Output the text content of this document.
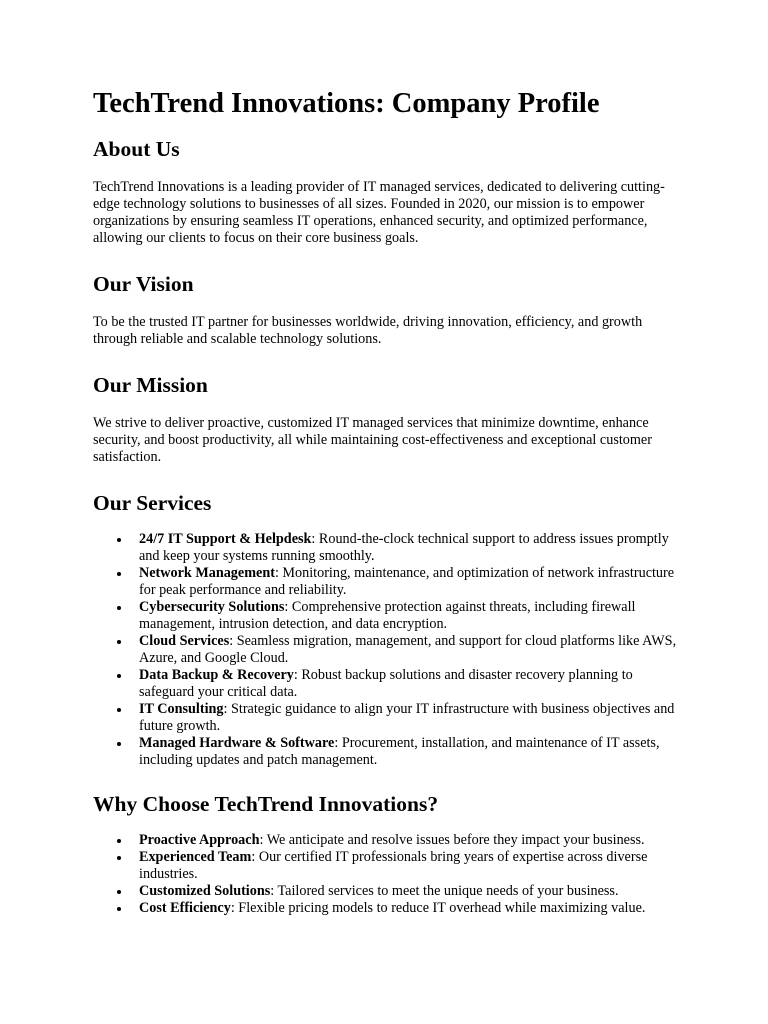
TechTrend Innovations: Company Profile
About Us

TechTrend Innovations is a leading provider of IT managed services, dedicated to delivering cutting-edge technology solutions to businesses of all sizes. Founded in 2020, our mission is to empower organizations by ensuring seamless IT operations, enhanced security, and optimized performance, allowing our clients to focus on their core business goals.

Our Vision

To be the trusted IT partner for businesses worldwide, driving innovation, efficiency, and growth through reliable and scalable technology solutions.

Our Mission

We strive to deliver proactive, customized IT managed services that minimize downtime, enhance security, and boost productivity, all while maintaining cost-effectiveness and exceptional customer satisfaction.

Our Services
24/7 IT Support & Helpdesk: Round-the-clock technical support to address issues promptly and keep your systems running smoothly.
Network Management: Monitoring, maintenance, and optimization of network infrastructure for peak performance and reliability.
Cybersecurity Solutions: Comprehensive protection against threats, including firewall management, intrusion detection, and data encryption.
Cloud Services: Seamless migration, management, and support for cloud platforms like AWS, Azure, and Google Cloud.
Data Backup & Recovery: Robust backup solutions and disaster recovery planning to safeguard your critical data.
IT Consulting: Strategic guidance to align your IT infrastructure with business objectives and future growth.
Managed Hardware & Software: Procurement, installation, and maintenance of IT assets, including updates and patch management.
Why Choose TechTrend Innovations?
Proactive Approach: We anticipate and resolve issues before they impact your business.
Experienced Team: Our certified IT professionals bring years of expertise across diverse industries.
Customized Solutions: Tailored services to meet the unique needs of your business.
Cost Efficiency: Flexible pricing models to reduce IT overhead while maximizing value.
